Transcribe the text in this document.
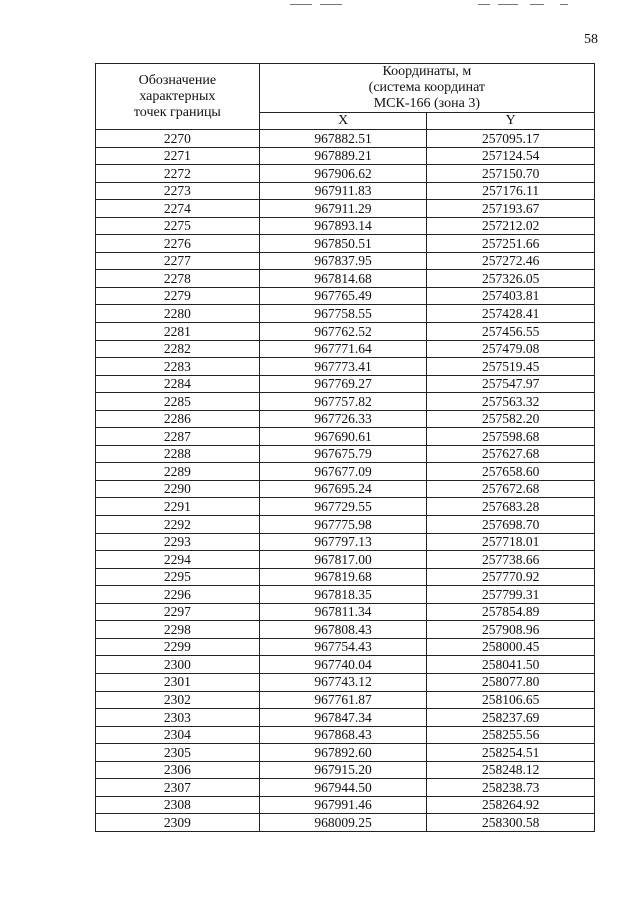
58
Обозначение
характерных
точек границы	Координаты, м
(система координат
МСК-166 (зона 3)	
	X	Y
2270	967882.51	257095.17
2271	967889.21	257124.54
2272	967906.62	257150.70
2273	967911.83	257176.11
2274	967911.29	257193.67
2275	967893.14	257212.02
2276	967850.51	257251.66
2277	967837.95	257272.46
2278	967814.68	257326.05
2279	967765.49	257403.81
2280	967758.55	257428.41
2281	967762.52	257456.55
2282	967771.64	257479.08
2283	967773.41	257519.45
2284	967769.27	257547.97
2285	967757.82	257563.32
2286	967726.33	257582.20
2287	967690.61	257598.68
2288	967675.79	257627.68
2289	967677.09	257658.60
2290	967695.24	257672.68
2291	967729.55	257683.28
2292	967775.98	257698.70
2293	967797.13	257718.01
2294	967817.00	257738.66
2295	967819.68	257770.92
2296	967818.35	257799.31
2297	967811.34	257854.89
2298	967808.43	257908.96
2299	967754.43	258000.45
2300	967740.04	258041.50
2301	967743.12	258077.80
2302	967761.87	258106.65
2303	967847.34	258237.69
2304	967868.43	258255.56
2305	967892.60	258254.51
2306	967915.20	258248.12
2307	967944.50	258238.73
2308	967991.46	258264.92
2309	968009.25	258300.58
